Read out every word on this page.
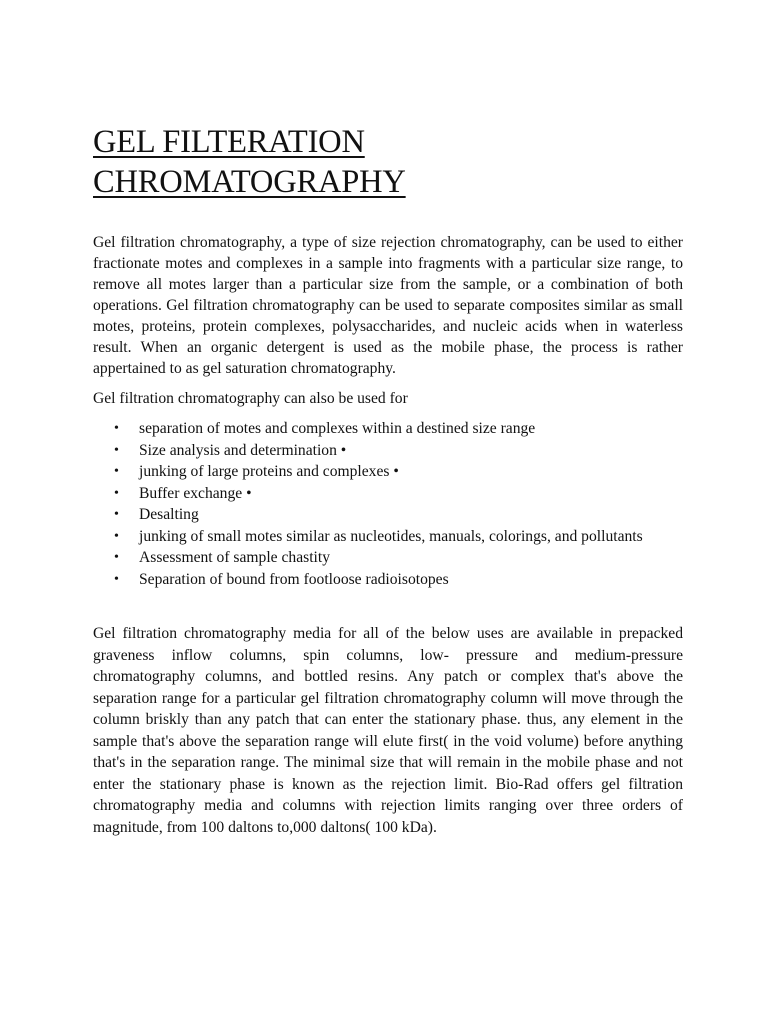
GEL FILTERATION
CHROMATOGRAPHY

Gel filtration chromatography, a type of size rejection chromatography, can be used to either fractionate motes and complexes in a sample into fragments with a particular size range, to remove all motes larger than a particular size from the sample, or a combination of both operations. Gel filtration chromatography can be used to separate composites similar as small motes, proteins, protein complexes, polysaccharides, and nucleic acids when in waterless result. When an organic detergent is used as the mobile phase, the process is rather appertained to as gel saturation chromatography.

Gel filtration chromatography can also be used for

• separation of motes and complexes within a destined size range
• Size analysis and determination •
• junking of large proteins and complexes •
• Buffer exchange •
• Desalting
• junking of small motes similar as nucleotides, manuals, colorings, and pollutants
• Assessment of sample chastity
• Separation of bound from footloose radioisotopes

Gel filtration chromatography media for all of the below uses are available in prepacked graveness inflow columns, spin columns, low- pressure and medium-pressure chromatography columns, and bottled resins. Any patch or complex that's above the separation range for a particular gel filtration chromatography column will move through the column briskly than any patch that can enter the stationary phase. thus, any element in the sample that's above the separation range will elute first( in the void volume) before anything that's in the separation range. The minimal size that will remain in the mobile phase and not enter the stationary phase is known as the rejection limit. Bio-Rad offers gel filtration chromatography media and columns with rejection limits ranging over three orders of magnitude, from 100 daltons to,000 daltons( 100 kDa).
